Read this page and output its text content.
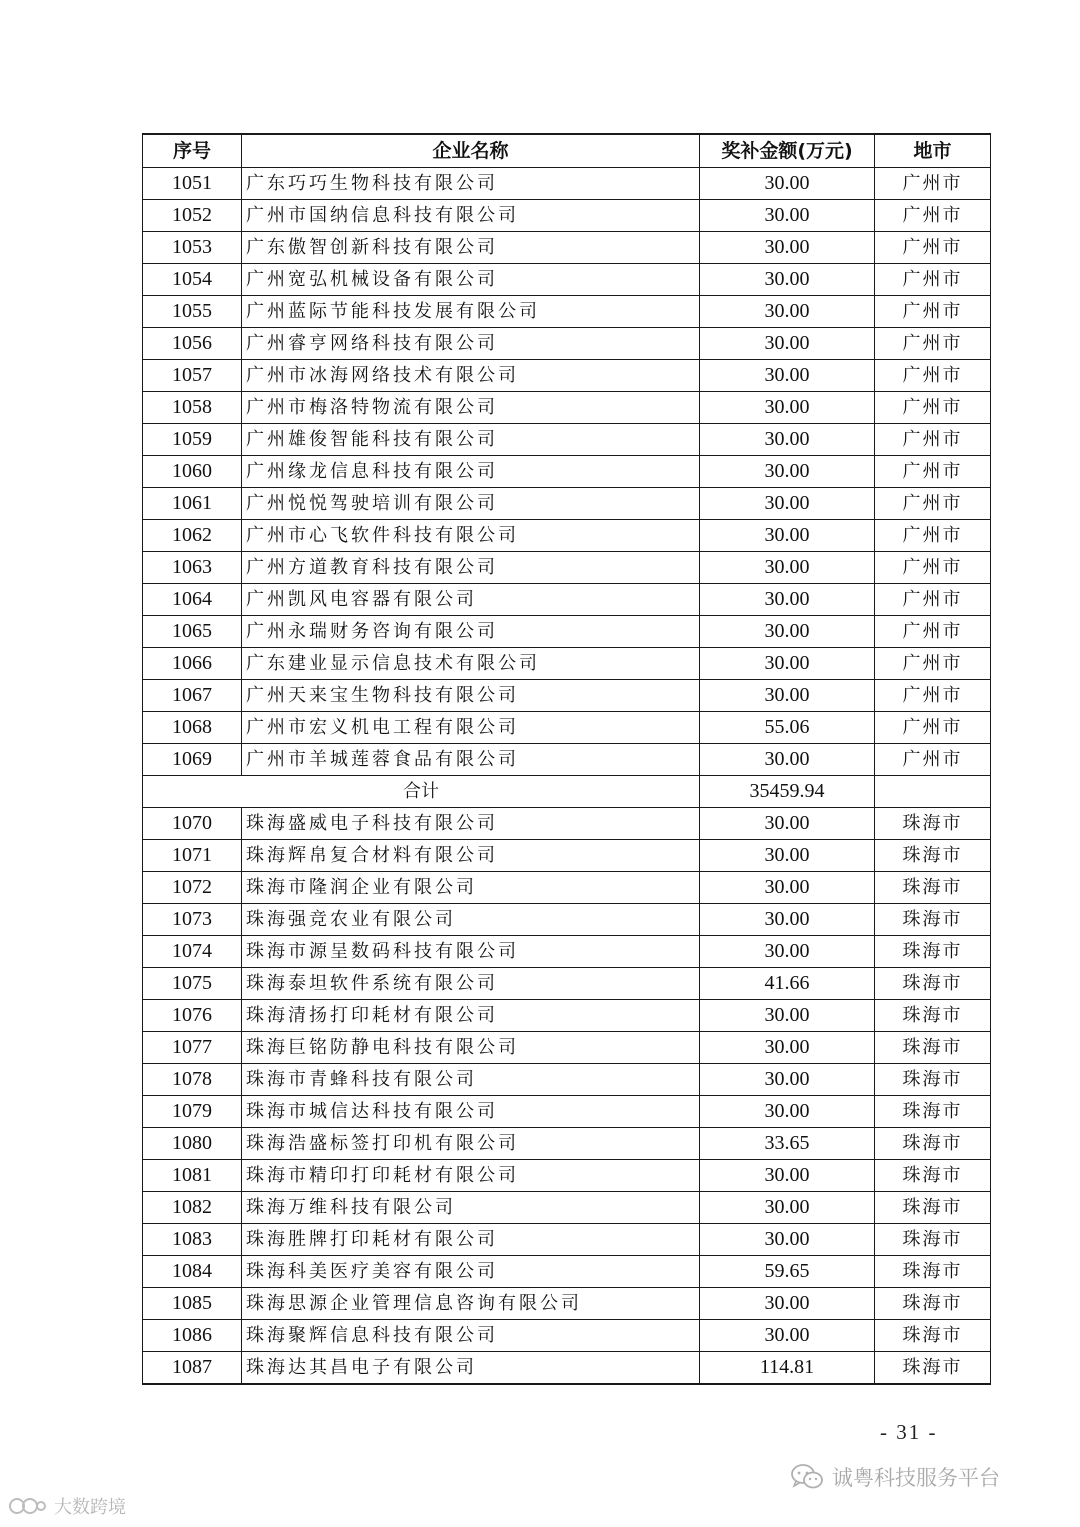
序号	企业名称	奖补金额(万元)	地市
1051	广东巧巧生物科技有限公司	30.00	广州市
1052	广州市国纳信息科技有限公司	30.00	广州市
1053	广东傲智创新科技有限公司	30.00	广州市
1054	广州宽弘机械设备有限公司	30.00	广州市
1055	广州蓝际节能科技发展有限公司	30.00	广州市
1056	广州睿亨网络科技有限公司	30.00	广州市
1057	广州市冰海网络技术有限公司	30.00	广州市
1058	广州市梅洛特物流有限公司	30.00	广州市
1059	广州雄俊智能科技有限公司	30.00	广州市
1060	广州缘龙信息科技有限公司	30.00	广州市
1061	广州悦悦驾驶培训有限公司	30.00	广州市
1062	广州市心飞软件科技有限公司	30.00	广州市
1063	广州方道教育科技有限公司	30.00	广州市
1064	广州凯风电容器有限公司	30.00	广州市
1065	广州永瑞财务咨询有限公司	30.00	广州市
1066	广东建业显示信息技术有限公司	30.00	广州市
1067	广州天来宝生物科技有限公司	30.00	广州市
1068	广州市宏义机电工程有限公司	55.06	广州市
1069	广州市羊城莲蓉食品有限公司	30.00	广州市
合计		35459.94	
1070	珠海盛威电子科技有限公司	30.00	珠海市
1071	珠海辉帛复合材料有限公司	30.00	珠海市
1072	珠海市隆润企业有限公司	30.00	珠海市
1073	珠海强竞农业有限公司	30.00	珠海市
1074	珠海市源呈数码科技有限公司	30.00	珠海市
1075	珠海泰坦软件系统有限公司	41.66	珠海市
1076	珠海清扬打印耗材有限公司	30.00	珠海市
1077	珠海巨铭防静电科技有限公司	30.00	珠海市
1078	珠海市青蜂科技有限公司	30.00	珠海市
1079	珠海市城信达科技有限公司	30.00	珠海市
1080	珠海浩盛标签打印机有限公司	33.65	珠海市
1081	珠海市精印打印耗材有限公司	30.00	珠海市
1082	珠海万维科技有限公司	30.00	珠海市
1083	珠海胜牌打印耗材有限公司	30.00	珠海市
1084	珠海科美医疗美容有限公司	59.65	珠海市
1085	珠海思源企业管理信息咨询有限公司	30.00	珠海市
1086	珠海聚辉信息科技有限公司	30.00	珠海市
1087	珠海达其昌电子有限公司	114.81	珠海市
- 31 -
诚粤科技服务平台
大数跨境
